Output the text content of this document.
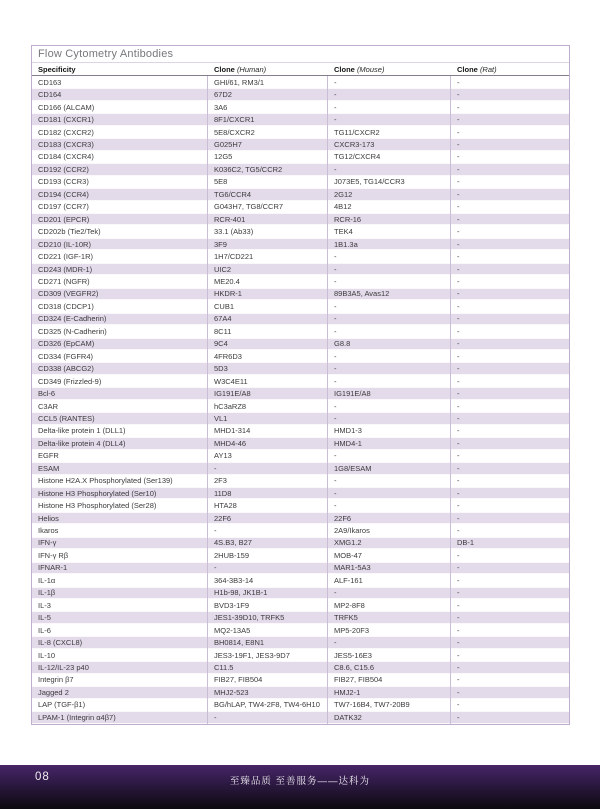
Flow Cytometry Antibodies
Specificity	Clone (Human)	Clone (Mouse)	Clone (Rat)
CD163	GHI/61, RM3/1	-	-
CD164	67D2	-	-
CD166 (ALCAM)	3A6	-	-
CD181 (CXCR1)	8F1/CXCR1	-	-
CD182 (CXCR2)	5E8/CXCR2	TG11/CXCR2	-
CD183 (CXCR3)	G025H7	CXCR3-173	-
CD184 (CXCR4)	12G5	TG12/CXCR4	-
CD192 (CCR2)	K036C2, TG5/CCR2	-	-
CD193 (CCR3)	5E8	J073E5, TG14/CCR3	-
CD194 (CCR4)	TG6/CCR4	2G12	-
CD197 (CCR7)	G043H7, TG8/CCR7	4B12	-
CD201 (EPCR)	RCR-401	RCR-16	-
CD202b (Tie2/Tek)	33.1 (Ab33)	TEK4	-
CD210 (IL-10R)	3F9	1B1.3a	-
CD221 (IGF-1R)	1H7/CD221	-	-
CD243 (MDR-1)	UIC2	-	-
CD271 (NGFR)	ME20.4	-	-
CD309 (VEGFR2)	HKDR-1	89B3A5, Avas12	-
CD318 (CDCP1)	CUB1	-	-
CD324 (E-Cadherin)	67A4	-	-
CD325 (N-Cadherin)	8C11	-	-
CD326 (EpCAM)	9C4	G8.8	-
CD334 (FGFR4)	4FR6D3	-	-
CD338 (ABCG2)	5D3	-	-
CD349 (Frizzled-9)	W3C4E11	-	-
Bcl-6	IG191E/A8	IG191E/A8	-
C3AR	hC3aRZ8	-	-
CCL5 (RANTES)	VL1	-	-
Delta-like protein 1 (DLL1)	MHD1-314	HMD1-3	-
Delta-like protein 4 (DLL4)	MHD4-46	HMD4-1	-
EGFR	AY13	-	-
ESAM	-	1G8/ESAM	-
Histone H2A.X Phosphorylated (Ser139)	2F3	-	-
Histone H3 Phosphorylated (Ser10)	11D8	-	-
Histone H3 Phosphorylated (Ser28)	HTA28	-	-
Helios	22F6	22F6	-
Ikaros	-	2A9/Ikaros	-
IFN-γ	4S.B3, B27	XMG1.2	DB-1
IFN-γ Rβ	2HUB-159	MOB-47	-
IFNAR-1	-	MAR1-5A3	-
IL-1α	364-3B3-14	ALF-161	-
IL-1β	H1b-98, JK1B-1	-	-
IL-3	BVD3-1F9	MP2-8F8	-
IL-5	JES1-39D10, TRFK5	TRFK5	-
IL-6	MQ2-13A5	MP5-20F3	-
IL-8 (CXCL8)	BH0814, E8N1	-	-
IL-10	JES3-19F1, JES3-9D7	JES5-16E3	-
IL-12/IL-23 p40	C11.5	C8.6, C15.6	-
Integrin β7	FIB27, FIB504	FIB27, FIB504	-
Jagged 2	MHJ2-523	HMJ2-1	-
LAP (TGF-β1)	BG/hLAP, TW4-2F8, TW4-6H10	TW7-16B4, TW7-20B9	-
LPAM-1 (Integrin α4β7)	-	DATK32	-
08	至臻品质 至善服务——达科为
